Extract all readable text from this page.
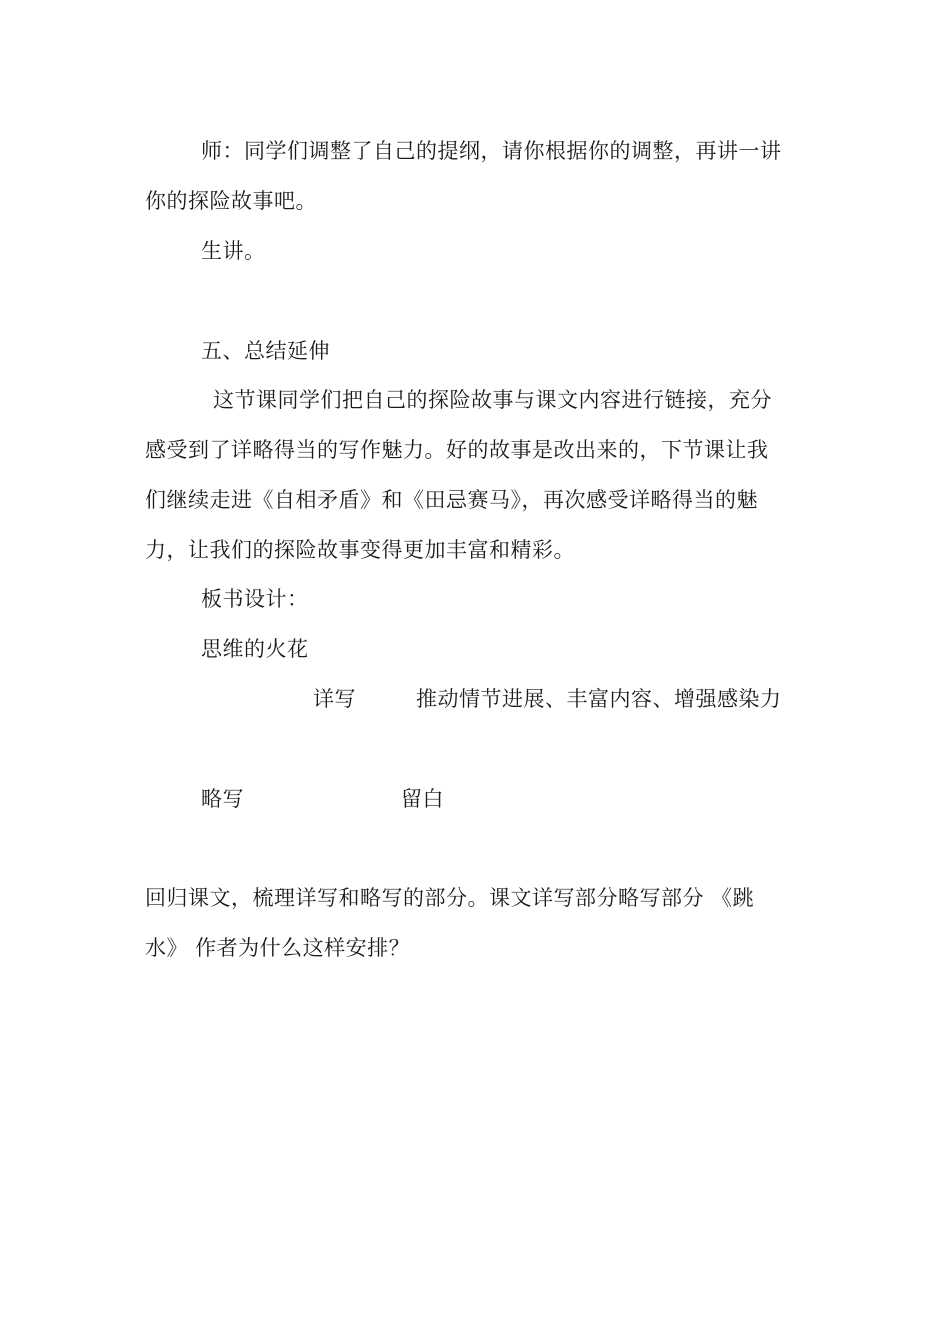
师：同学们调整了自己的提纲，请你根据你的调整，再讲一讲
你的探险故事吧。
生讲。
五、总结延伸
这节课同学们把自己的探险故事与课文内容进行链接，充分
感受到了详略得当的写作魅力。好的故事是改出来的，下节课让我
们继续走进《自相矛盾》和《田忌赛马》，再次感受详略得当的魅
力，让我们的探险故事变得更加丰富和精彩。
板书设计：
思维的火花
详写	推动情节进展、丰富内容、增强感染力
略写	留白
回归课文，梳理详写和略写的部分。课文详写部分略写部分 《跳
水》 作者为什么这样安排？
